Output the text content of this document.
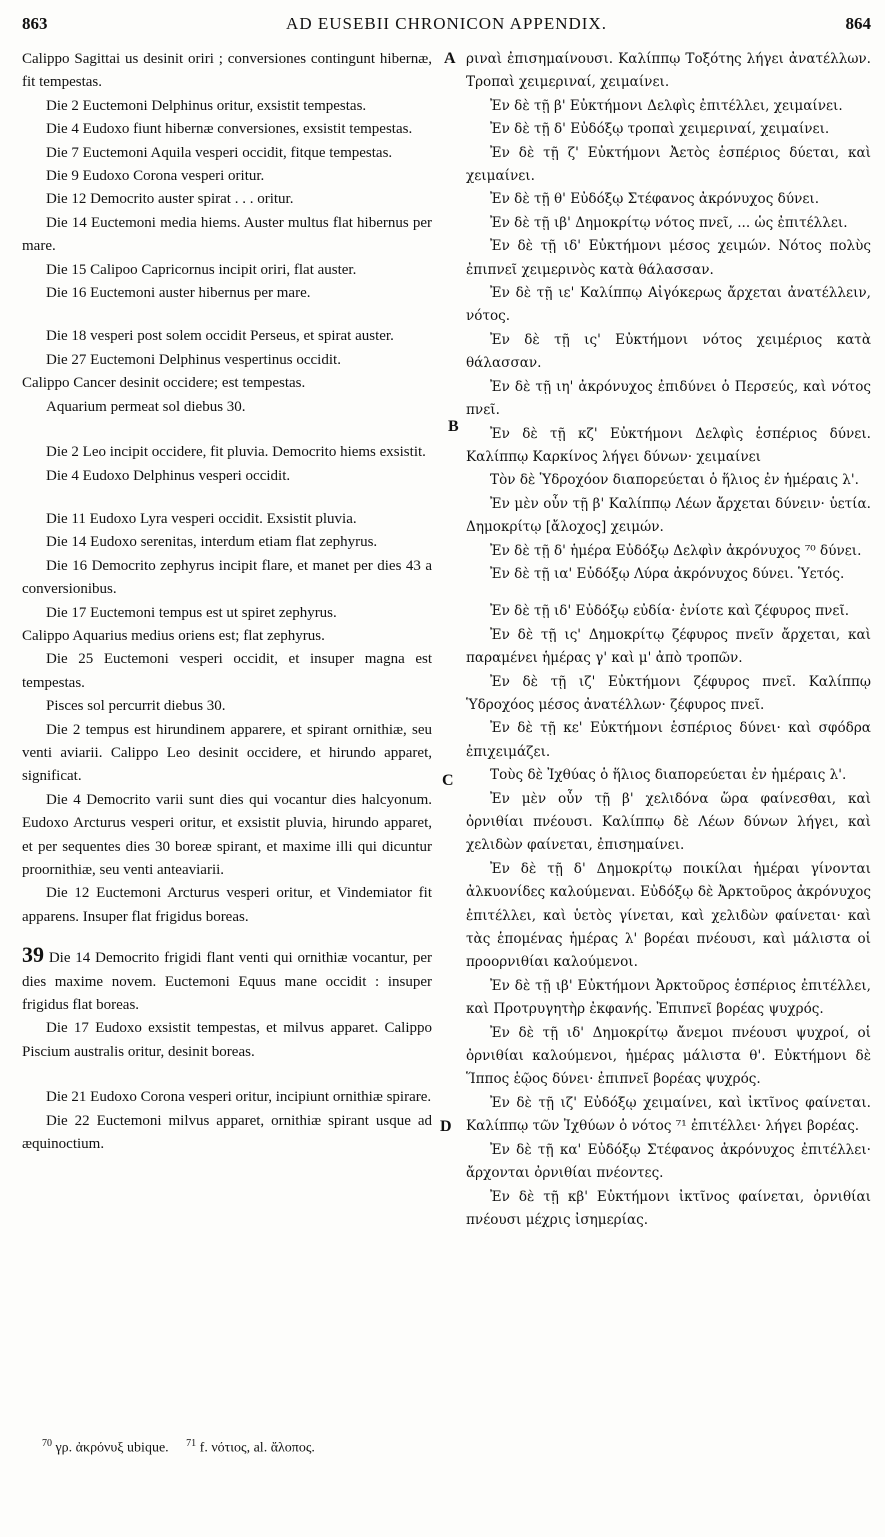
863	AD EUSEBII CHRONICON APPENDIX.	864
Calippo Sagittai us desinit oriri ; conversiones contingunt hibernæ, fit tempestas.
Die 2 Euctemoni Delphinus oritur, exsistit tempestas.
Die 4 Eudoxo fiunt hibernæ conversiones, exsistit tempestas.
Die 7 Euctemoni Aquila vesperi occidit, fitque tempestas.
Die 9 Eudoxo Corona vesperi oritur.
Die 12 Democrito auster spirat . . . oritur.
Die 14 Euctemoni media hiems. Auster multus flat hibernus per mare.
Die 15 Calipoo Capricornus incipit oriri, flat auster.
Die 16 Euctemoni auster hibernus per mare.
Die 18 vesperi post solem occidit Perseus, et spirat auster.
Die 27 Euctemoni Delphinus vespertinus occidit.
Calippo Cancer desinit occidere; est tempestas.
Aquarium permeat sol diebus 30.
Die 2 Leo incipit occidere, fit pluvia. Democrito hiems exsistit.
Die 4 Eudoxo Delphinus vesperi occidit.
Die 11 Eudoxo Lyra vesperi occidit. Exsistit pluvia.
Die 14 Eudoxo serenitas, interdum etiam flat zephyrus.
Die 16 Democrito zephyrus incipit flare, et manet per dies 43 a conversionibus.
Die 17 Euctemoni tempus est ut spiret zephyrus.
Calippo Aquarius medius oriens est; flat zephyrus.
Die 25 Euctemoni vesperi occidit, et insuper magna est tempestas.
Pisces sol percurrit diebus 30.
Die 2 tempus est hirundinem apparere, et spirant ornithiæ, seu venti aviarii. Calippo Leo desinit occidere, et hirundo apparet, significat.
Die 4 Democrito varii sunt dies qui vocantur dies halcyonum. Eudoxo Arcturus vesperi oritur, et exsistit pluvia, hirundo apparet, et per sequentes dies 30 boreæ spirant, et maxime illi qui dicuntur proornithiæ, seu venti anteaviarii.
Die 12 Euctemoni Arcturus vesperi oritur, et Vindemiator fit apparens. Insuper flat frigidus boreas.
39 Die 14 Democrito frigidi flant venti qui ornithiæ vocantur, per dies maxime novem. Euctemoni Equus mane occidit : insuper frigidus flat boreas.
Die 17 Eudoxo exsistit tempestas, et milvus apparet. Calippo Piscium australis oritur, desinit boreas.
Die 21 Eudoxo Corona vesperi oritur, incipiunt ornithiæ spirare.
Die 22 Euctemoni milvus apparet, ornithiæ spirant usque ad æquinoctium.
ριναὶ ἐπισημαίνουσι. Καλίππῳ Τοξότης λήγει ἀνατέλλων. Τροπαὶ χειμεριναί, χειμαίνει.
Ἐν δὲ τῇ β' Εὐκτήμονι Δελφὶς ἐπιτέλλει, χειμαίνει.
Ἐν δὲ τῇ δ' Εὐδόξῳ τροπαὶ χειμεριναί, χειμαίνει.
Ἐν δὲ τῇ ζ' Εὐκτήμονι Ἀετὸς ἑσπέριος δύεται, καὶ χειμαίνει.
Ἐν δὲ τῇ θ' Εὐδόξῳ Στέφανος ἀκρόνυχος δύνει.
Ἐν δὲ τῇ ιβ' Δημοκρίτῳ νότος πνεῖ, ... ὡς ἐπιτέλλει.
Ἐν δὲ τῇ ιδ' Εὐκτήμονι μέσος χειμών. Νότος πολὺς ἐπιπνεῖ χειμερινὸς κατὰ θάλασσαν.
Ἐν δὲ τῇ ιε' Καλίππῳ Αἰγόκερως ἄρχεται ἀνατέλλειν, νότος.
Ἐν δὲ τῇ ις' Εὐκτήμονι νότος χειμέριος κατὰ θάλασσαν.
Ἐν δὲ τῇ ιη' ἀκρόνυχος ἐπιδύνει ὁ Περσεύς, καὶ νότος πνεῖ.
Ἐν δὲ τῇ κζ' Εὐκτήμονι Δελφὶς ἑσπέριος δύνει. Καλίππῳ Καρκίνος λήγει δύνων· χειμαίνει
Τὸν δὲ Ὑδροχόον διαπορεύεται ὁ ἥλιος ἐν ἡμέραις λ'.
Ἐν μὲν οὖν τῇ β' Καλίππῳ Λέων ἄρχεται δύνειν· ὑετία. Δημοκρίτῳ [ἄλοχος] χειμών.
Ἐν δὲ τῇ δ' ἡμέρα Εὐδόξῳ Δελφὶν ἀκρόνυχος ⁷⁰ δύνει.
Ἐν δὲ τῇ ια' Εὐδόξῳ Λύρα ἀκρόνυχος δύνει. Ὑετός.
Ἐν δὲ τῇ ιδ' Εὐδόξῳ εὐδία· ἐνίοτε καὶ ζέφυρος πνεῖ.
Ἐν δὲ τῇ ις' Δημοκρίτῳ ζέφυρος πνεῖν ἄρχεται, καὶ παραμένει ἡμέρας γ' καὶ μ' ἀπὸ τροπῶν.
Ἐν δὲ τῇ ιζ' Εὐκτήμονι ζέφυρος πνεῖ. Καλίππῳ Ὑδροχόος μέσος ἀνατέλλων· ζέφυρος πνεῖ.
Ἐν δὲ τῇ κε' Εὐκτήμονι ἑσπέριος δύνει· καὶ σφόδρα ἐπιχειμάζει.
Τοὺς δὲ Ἰχθύας ὁ ἥλιος διαπορεύεται ἐν ἡμέραις λ'.
Ἐν μὲν οὖν τῇ β' χελιδόνα ὥρα φαίνεσθαι, καὶ ὀρνιθίαι πνέουσι. Καλίππῳ δὲ Λέων δύνων λήγει, καὶ χελιδὼν φαίνεται, ἐπισημαίνει.
Ἐν δὲ τῇ δ' Δημοκρίτῳ ποικίλαι ἡμέραι γίνονται ἀλκυονίδες καλούμεναι. Εὐδόξῳ δὲ Ἀρκτοῦρος ἀκρόνυχος ἐπιτέλλει, καὶ ὑετὸς γίνεται, καὶ χελιδὼν φαίνεται· καὶ τὰς ἑπομένας ἡμέρας λ' βορέαι πνέουσι, καὶ μάλιστα οἱ προορνιθίαι καλούμενοι.
Ἐν δὲ τῇ ιβ' Εὐκτήμονι Ἀρκτοῦρος ἑσπέριος ἐπιτέλλει, καὶ Προτρυγητὴρ ἐκφανής. Ἐπιπνεῖ βορέας ψυχρός.
Ἐν δὲ τῇ ιδ' Δημοκρίτῳ ἄνεμοι πνέουσι ψυχροί, οἱ ὀρνιθίαι καλούμενοι, ἡμέρας μάλιστα θ'. Εὐκτήμονι δὲ Ἵππος ἑῷος δύνει· ἐπιπνεῖ βορέας ψυχρός.
Ἐν δὲ τῇ ιζ' Εὐδόξῳ χειμαίνει, καὶ ἰκτῖνος φαίνεται. Καλίππῳ τῶν Ἰχθύων ὁ νότος ⁷¹ ἐπιτέλλει· λήγει βορέας.
Ἐν δὲ τῇ κα' Εὐδόξῳ Στέφανος ἀκρόνυχος ἐπιτέλλει· ἄρχονται ὀρνιθίαι πνέοντες.
Ἐν δὲ τῇ κβ' Εὐκτήμονι ἰκτῖνος φαίνεται, ὀρνιθίαι πνέουσι μέχρις ἰσημερίας.
A
B
C
D
$^{70}$ γρ. ἀκρόνυξ ubique. $^{71}$ f. νότιος, al. ἄλοπος.
